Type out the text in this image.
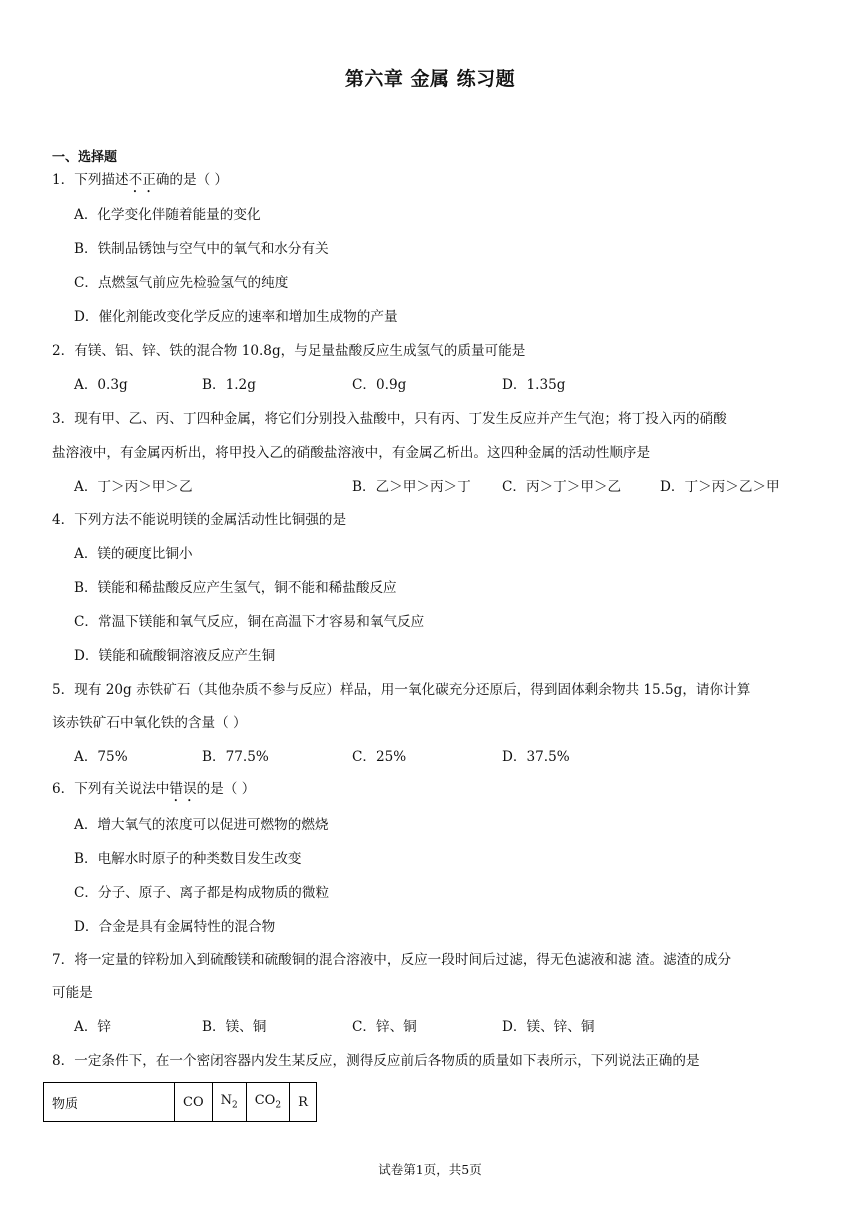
第六章 金属 练习题
一、选择题
1．下列描述不正确的是（ ）
A．化学变化伴随着能量的变化
B．铁制品锈蚀与空气中的氧气和水分有关
C．点燃氢气前应先检验氢气的纯度
D．催化剂能改变化学反应的速率和增加生成物的产量
2．有镁、铝、锌、铁的混合物 10.8g，与足量盐酸反应生成氢气的质量可能是
A．0.3g	B．1.2g	C．0.9g	D．1.35g
3．现有甲、乙、丙、丁四种金属，将它们分别投入盐酸中，只有丙、丁发生反应并产生气泡；将丁投入丙的硝酸
盐溶液中，有金属丙析出，将甲投入乙的硝酸盐溶液中，有金属乙析出。这四种金属的活动性顺序是
A．丁＞丙＞甲＞乙	B．乙＞甲＞丙＞丁 C．丙＞丁＞甲＞乙	D．丁＞丙＞乙＞甲
4．下列方法不能说明镁的金属活动性比铜强的是
A．镁的硬度比铜小
B．镁能和稀盐酸反应产生氢气，铜不能和稀盐酸反应
C．常温下镁能和氧气反应，铜在高温下才容易和氧气反应
D．镁能和硫酸铜溶液反应产生铜
5．现有 20g 赤铁矿石（其他杂质不参与反应）样品，用一氧化碳充分还原后，得到固体剩余物共 15.5g，请你计算
该赤铁矿石中氧化铁的含量（ ）
A．75%	B．77.5%	C．25%	D．37.5%
6．下列有关说法中错误的是（ ）
A．增大氧气的浓度可以促进可燃物的燃烧
B．电解水时原子的种类数目发生改变
C．分子、原子、离子都是构成物质的微粒
D．合金是具有金属特性的混合物
7．将一定量的锌粉加入到硫酸镁和硫酸铜的混合溶液中，反应一段时间后过滤，得无色滤液和滤 渣。滤渣的成分
可能是
A．锌	B．镁、铜	C．锌、铜	D．镁、锌、铜
8．一定条件下，在一个密闭容器内发生某反应，测得反应前后各物质的质量如下表所示，下列说法正确的是
物质	CO	$N_2$	$CO_2$	R
试卷第1页，共5页
